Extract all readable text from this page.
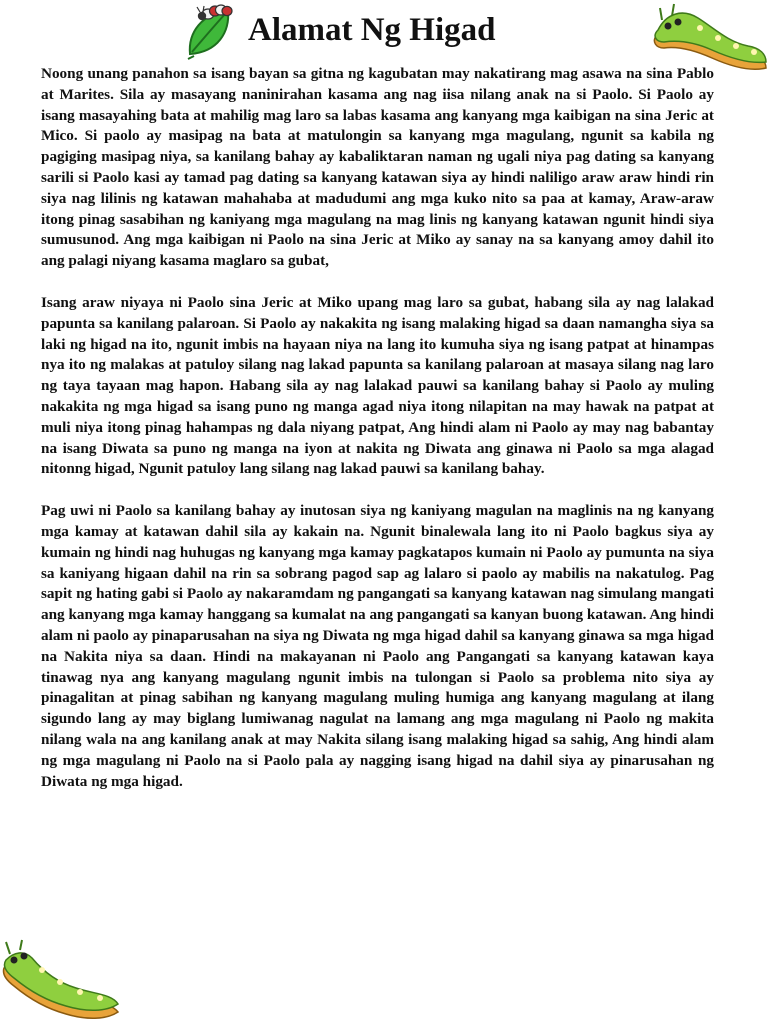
Alamat Ng Higad

Noong unang panahon sa isang bayan sa gitna ng kagubatan may nakatirang mag asawa na sina Pablo at Marites. Sila ay masayang naninirahan kasama ang nag iisa nilang anak na si Paolo. Si Paolo ay isang masayahing bata at mahilig mag laro sa labas kasama ang kanyang mga kaibigan na sina Jeric at Mico. Si paolo ay masipag na bata at matulongin sa kanyang mga magulang, ngunit sa kabila ng pagiging masipag niya, sa kanilang bahay ay kabaliktaran naman ng ugali niya pag dating sa kanyang sarili si Paolo kasi ay tamad pag dating sa kanyang katawan siya ay hindi naliligo araw araw hindi rin siya nag lilinis ng katawan mahahaba at madudumi ang mga kuko nito sa paa at kamay, Araw-araw itong pinag sasabihan ng kaniyang mga magulang na mag linis ng kanyang katawan ngunit hindi siya sumusunod. Ang mga kaibigan ni Paolo na sina Jeric at Miko ay sanay na sa kanyang amoy dahil ito ang palagi niyang kasama maglaro sa gubat,

Isang araw niyaya ni Paolo sina Jeric at Miko upang mag laro sa gubat, habang sila ay nag lalakad papunta sa kanilang palaroan. Si Paolo ay nakakita ng isang malaking higad sa daan namangha siya sa laki ng higad na ito, ngunit imbis na hayaan niya na lang ito kumuha siya ng isang patpat at hinampas nya ito ng malakas at patuloy silang nag lakad papunta sa kanilang palaroan at masaya silang nag laro ng taya tayaan mag hapon. Habang sila ay nag lalakad pauwi sa kanilang bahay si Paolo ay muling nakakita ng mga higad sa isang puno ng manga agad niya itong nilapitan na may hawak na patpat at muli niya itong pinag hahampas ng dala niyang patpat, Ang hindi alam ni Paolo ay may nag babantay na isang Diwata sa puno ng manga na iyon at nakita ng Diwata ang ginawa ni Paolo sa mga alagad nitonng higad, Ngunit patuloy lang silang nag lakad pauwi sa kanilang bahay.

Pag uwi ni Paolo sa kanilang bahay ay inutosan siya ng kaniyang magulan na maglinis na ng kanyang mga kamay at katawan dahil sila ay kakain na. Ngunit binalewala lang ito ni Paolo bagkus siya ay kumain ng hindi nag huhugas ng kanyang mga kamay pagkatapos kumain ni Paolo ay pumunta na siya sa kaniyang higaan dahil na rin sa sobrang pagod sap ag lalaro si paolo ay mabilis na nakatulog. Pag sapit ng hating gabi si Paolo ay nakaramdam ng pangangati sa kanyang katawan nag simulang mangati ang kanyang mga kamay hanggang sa kumalat na ang pangangati sa kanyan buong katawan. Ang hindi alam ni paolo ay pinaparusahan na siya ng Diwata ng mga higad dahil sa kanyang ginawa sa mga higad na Nakita niya sa daan. Hindi na makayanan ni Paolo ang Pangangati sa kanyang katawan kaya tinawag nya ang kanyang magulang ngunit imbis na tulongan si Paolo sa problema nito siya ay pinagalitan at pinag sabihan ng kanyang magulang muling humiga ang kanyang magulang at ilang sigundo lang ay may biglang lumiwanag nagulat na lamang ang mga magulang ni Paolo ng makita nilang wala na ang kanilang anak at may Nakita silang isang malaking higad sa sahig, Ang hindi alam ng mga magulang ni Paolo na si Paolo pala ay nagging isang higad na dahil siya ay pinarusahan ng Diwata ng mga higad.
